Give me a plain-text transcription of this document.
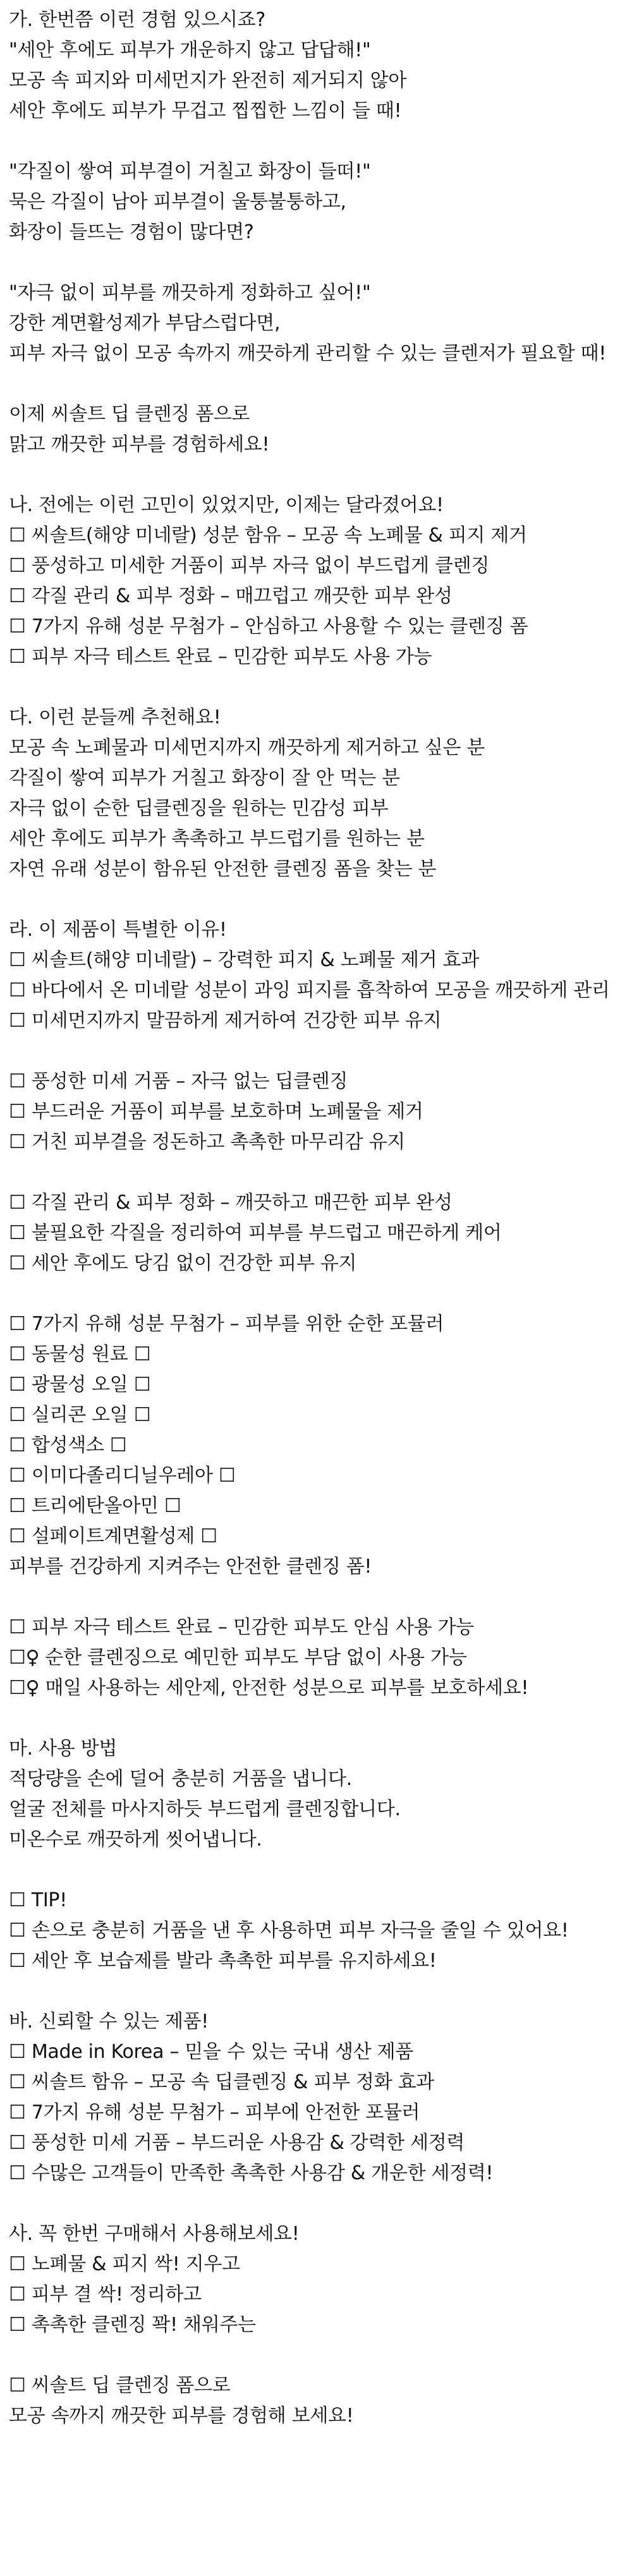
가. 한번쯤 이런 경험 있으시죠?
"세안 후에도 피부가 개운하지 않고 답답해!"
모공 속 피지와 미세먼지가 완전히 제거되지 않아
세안 후에도 피부가 무겁고 찝찝한 느낌이 들 때!
"각질이 쌓여 피부결이 거칠고 화장이 들떠!"
묵은 각질이 남아 피부결이 울퉁불퉁하고,
화장이 들뜨는 경험이 많다면?
"자극 없이 피부를 깨끗하게 정화하고 싶어!"
강한 계면활성제가 부담스럽다면,
피부 자극 없이 모공 속까지 깨끗하게 관리할 수 있는 클렌저가 필요할 때!
이제 씨솔트 딥 클렌징 폼으로
맑고 깨끗한 피부를 경험하세요!
나. 전에는 이런 고민이 있었지만, 이제는 달라졌어요!
☐ 씨솔트(해양 미네랄) 성분 함유 – 모공 속 노폐물 & 피지 제거
☐ 풍성하고 미세한 거품이 피부 자극 없이 부드럽게 클렌징
☐ 각질 관리 & 피부 정화 – 매끄럽고 깨끗한 피부 완성
☐ 7가지 유해 성분 무첨가 – 안심하고 사용할 수 있는 클렌징 폼
☐ 피부 자극 테스트 완료 – 민감한 피부도 사용 가능
다. 이런 분들께 추천해요!
모공 속 노폐물과 미세먼지까지 깨끗하게 제거하고 싶은 분
각질이 쌓여 피부가 거칠고 화장이 잘 안 먹는 분
자극 없이 순한 딥클렌징을 원하는 민감성 피부
세안 후에도 피부가 촉촉하고 부드럽기를 원하는 분
자연 유래 성분이 함유된 안전한 클렌징 폼을 찾는 분
라. 이 제품이 특별한 이유!
☐ 씨솔트(해양 미네랄) – 강력한 피지 & 노폐물 제거 효과
☐ 바다에서 온 미네랄 성분이 과잉 피지를 흡착하여 모공을 깨끗하게 관리
☐ 미세먼지까지 말끔하게 제거하여 건강한 피부 유지
☐ 풍성한 미세 거품 – 자극 없는 딥클렌징
☐ 부드러운 거품이 피부를 보호하며 노폐물을 제거
☐ 거친 피부결을 정돈하고 촉촉한 마무리감 유지
☐ 각질 관리 & 피부 정화 – 깨끗하고 매끈한 피부 완성
☐ 불필요한 각질을 정리하여 피부를 부드럽고 매끈하게 케어
☐ 세안 후에도 당김 없이 건강한 피부 유지
☐ 7가지 유해 성분 무첨가 – 피부를 위한 순한 포뮬러
☐ 동물성 원료 ☐
☐ 광물성 오일 ☐
☐ 실리콘 오일 ☐
☐ 합성색소 ☐
☐ 이미다졸리디닐우레아 ☐
☐ 트리에탄올아민 ☐
☐ 설페이트계면활성제 ☐
피부를 건강하게 지켜주는 안전한 클렌징 폼!
☐ 피부 자극 테스트 완료 – 민감한 피부도 안심 사용 가능
☐♀ 순한 클렌징으로 예민한 피부도 부담 없이 사용 가능
☐♀ 매일 사용하는 세안제, 안전한 성분으로 피부를 보호하세요!
마. 사용 방법
적당량을 손에 덜어 충분히 거품을 냅니다.
얼굴 전체를 마사지하듯 부드럽게 클렌징합니다.
미온수로 깨끗하게 씻어냅니다.
☐ TIP!
☐ 손으로 충분히 거품을 낸 후 사용하면 피부 자극을 줄일 수 있어요!
☐ 세안 후 보습제를 발라 촉촉한 피부를 유지하세요!
바. 신뢰할 수 있는 제품!
☐ Made in Korea – 믿을 수 있는 국내 생산 제품
☐ 씨솔트 함유 – 모공 속 딥클렌징 & 피부 정화 효과
☐ 7가지 유해 성분 무첨가 – 피부에 안전한 포뮬러
☐ 풍성한 미세 거품 – 부드러운 사용감 & 강력한 세정력
☐ 수많은 고객들이 만족한 촉촉한 사용감 & 개운한 세정력!
사. 꼭 한번 구매해서 사용해보세요!
☐ 노폐물 & 피지 싹! 지우고
☐ 피부 결 싹! 정리하고
☐ 촉촉한 클렌징 꽉! 채워주는
☐ 씨솔트 딥 클렌징 폼으로
모공 속까지 깨끗한 피부를 경험해 보세요!
